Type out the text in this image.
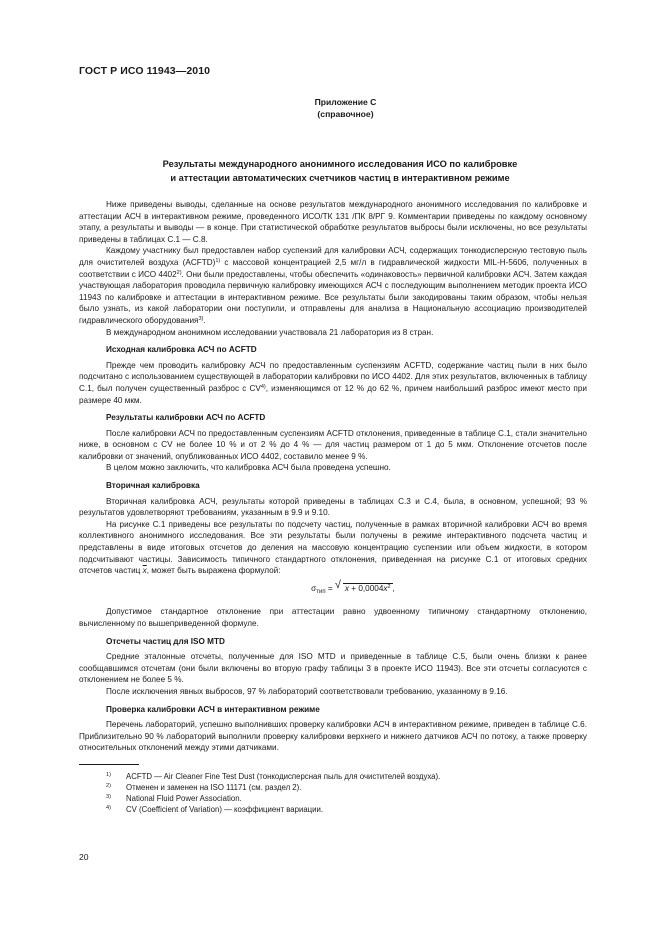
ГОСТ Р ИСО 11943—2010
Приложение С
(справочное)
Результаты международного анонимного исследования ИСО по калибровке
и аттестации автоматических счетчиков частиц в интерактивном режиме

Ниже приведены выводы, сделанные на основе результатов международного анонимного исследования по калибровке и аттестации АСЧ в интерактивном режиме, проведенного ИСО/ТК 131 /ПК 8/РГ 9. Комментарии приведены по каждому основному этапу, а результаты и выводы — в конце. При статистической обработке результатов выбросы были исключены, но все результаты приведены в таблицах С.1 — С.8.

Каждому участнику был предоставлен набор суспензий для калибровки АСЧ, содержащих тонкодисперсную тестовую пыль для очистителей воздуха (ACFTD)$^{1)}$ с массовой концентрацией 2,5 мг/л в гидравлической жидкости MIL-H-5606, полученных в соответствии с ИСО 4402$^{2)}$. Они были предоставлены, чтобы обеспечить «одинаковость» первичной калибровки АСЧ. Затем каждая участвующая лаборатория проводила первичную калибровку имеющихся АСЧ с последующим выполнением методик проекта ИСО 11943 по калибровке и аттестации в интерактивном режиме. Все результаты были закодированы таким образом, чтобы нельзя было узнать, из какой лаборатории они поступили, и отправлены для анализа в Национальную ассоциацию производителей гидравлического оборудования$^{3)}$.

В международном анонимном исследовании участвовала 21 лаборатория из 8 стран.

Исходная калибровка АСЧ по ACFTD

Прежде чем проводить калибровку АСЧ по предоставленным суспензиям ACFTD, содержание частиц пыли в них было подсчитано с использованием существующей в лаборатории калибровки по ИСО 4402. Для этих результатов, включенных в таблицу С.1, был получен существенный разброс с CV$^{4)}$, изменяющимся от 12 % до 62 %, причем наибольший разброс имеют место при размере 40 мкм.

Результаты калибровки АСЧ по ACFTD

После калибровки АСЧ по предоставленным суспензиям ACFTD отклонения, приведенные в таблице С.1, стали значительно ниже, в основном с CV не более 10 % и от 2 % до 4 % — для частиц размером от 1 до 5 мкм. Отклонение отсчетов после калибровки от значений, опубликованных ИСО 4402, составило менее 9 %.

В целом можно заключить, что калибровка АСЧ была проведена успешно.

Вторичная калибровка

Вторичная калибровка АСЧ, результаты которой приведены в таблицах С.3 и С.4, была, в основном, успешной; 93 % результатов удовлетворяют требованиям, указанным в 9.9 и 9.10.

На рисунке С.1 приведены все результаты по подсчету частиц, полученные в рамках вторичной калибровки АСЧ во время коллективного анонимного исследования. Все эти результаты были получены в режиме интерактивного подсчета частиц и представлены в виде итоговых отсчетов до деления на массовую концентрацию суспензии или объем жидкости, в котором подсчитывают частицы. Зависимость типичного стандартного отклонения, приведенная на рисунке С.1 от итоговых средних отсчетов частиц $\overline{x}$, может быть выражена формулой:

$\sigma_{тип}$ = √ $x + 0,0004\overline{x}^2$ ,

Допустимое стандартное отклонение при аттестации равно удвоенному типичному стандартному отклонению, вычисленному по вышеприведенной формуле.

Отсчеты частиц для ISO MTD

Средние эталонные отсчеты, полученные для ISO MTD и приведенные в таблице С.5, были очень близки к ранее сообщавшимся отсчетам (они были включены во вторую графу таблицы 3 в проекте ИСО 11943). Все эти отсчеты согласуются с отклонением не более 5 %.

После исключения явных выбросов, 97 % лабораторий соответствовали требованию, указанному в 9.16.

Проверка калибровки АСЧ в интерактивном режиме

Перечень лабораторий, успешно выполнивших проверку калибровки АСЧ в интерактивном режиме, приведен в таблице С.6. Приблизительно 90 % лабораторий выполнили проверку калибровки верхнего и нижнего датчиков АСЧ по потоку, а также проверку относительных отклонений между этими датчиками.

1) ACFTD — Air Cleaner Fine Test Dust (тонкодисперсная пыль для очистителей воздуха).
2) Отменен и заменен на ISO 11171 (см. раздел 2).
3) National Fluid Power Association.
4) CV (Coefficient of Variation) — коэффициент вариации.
20
